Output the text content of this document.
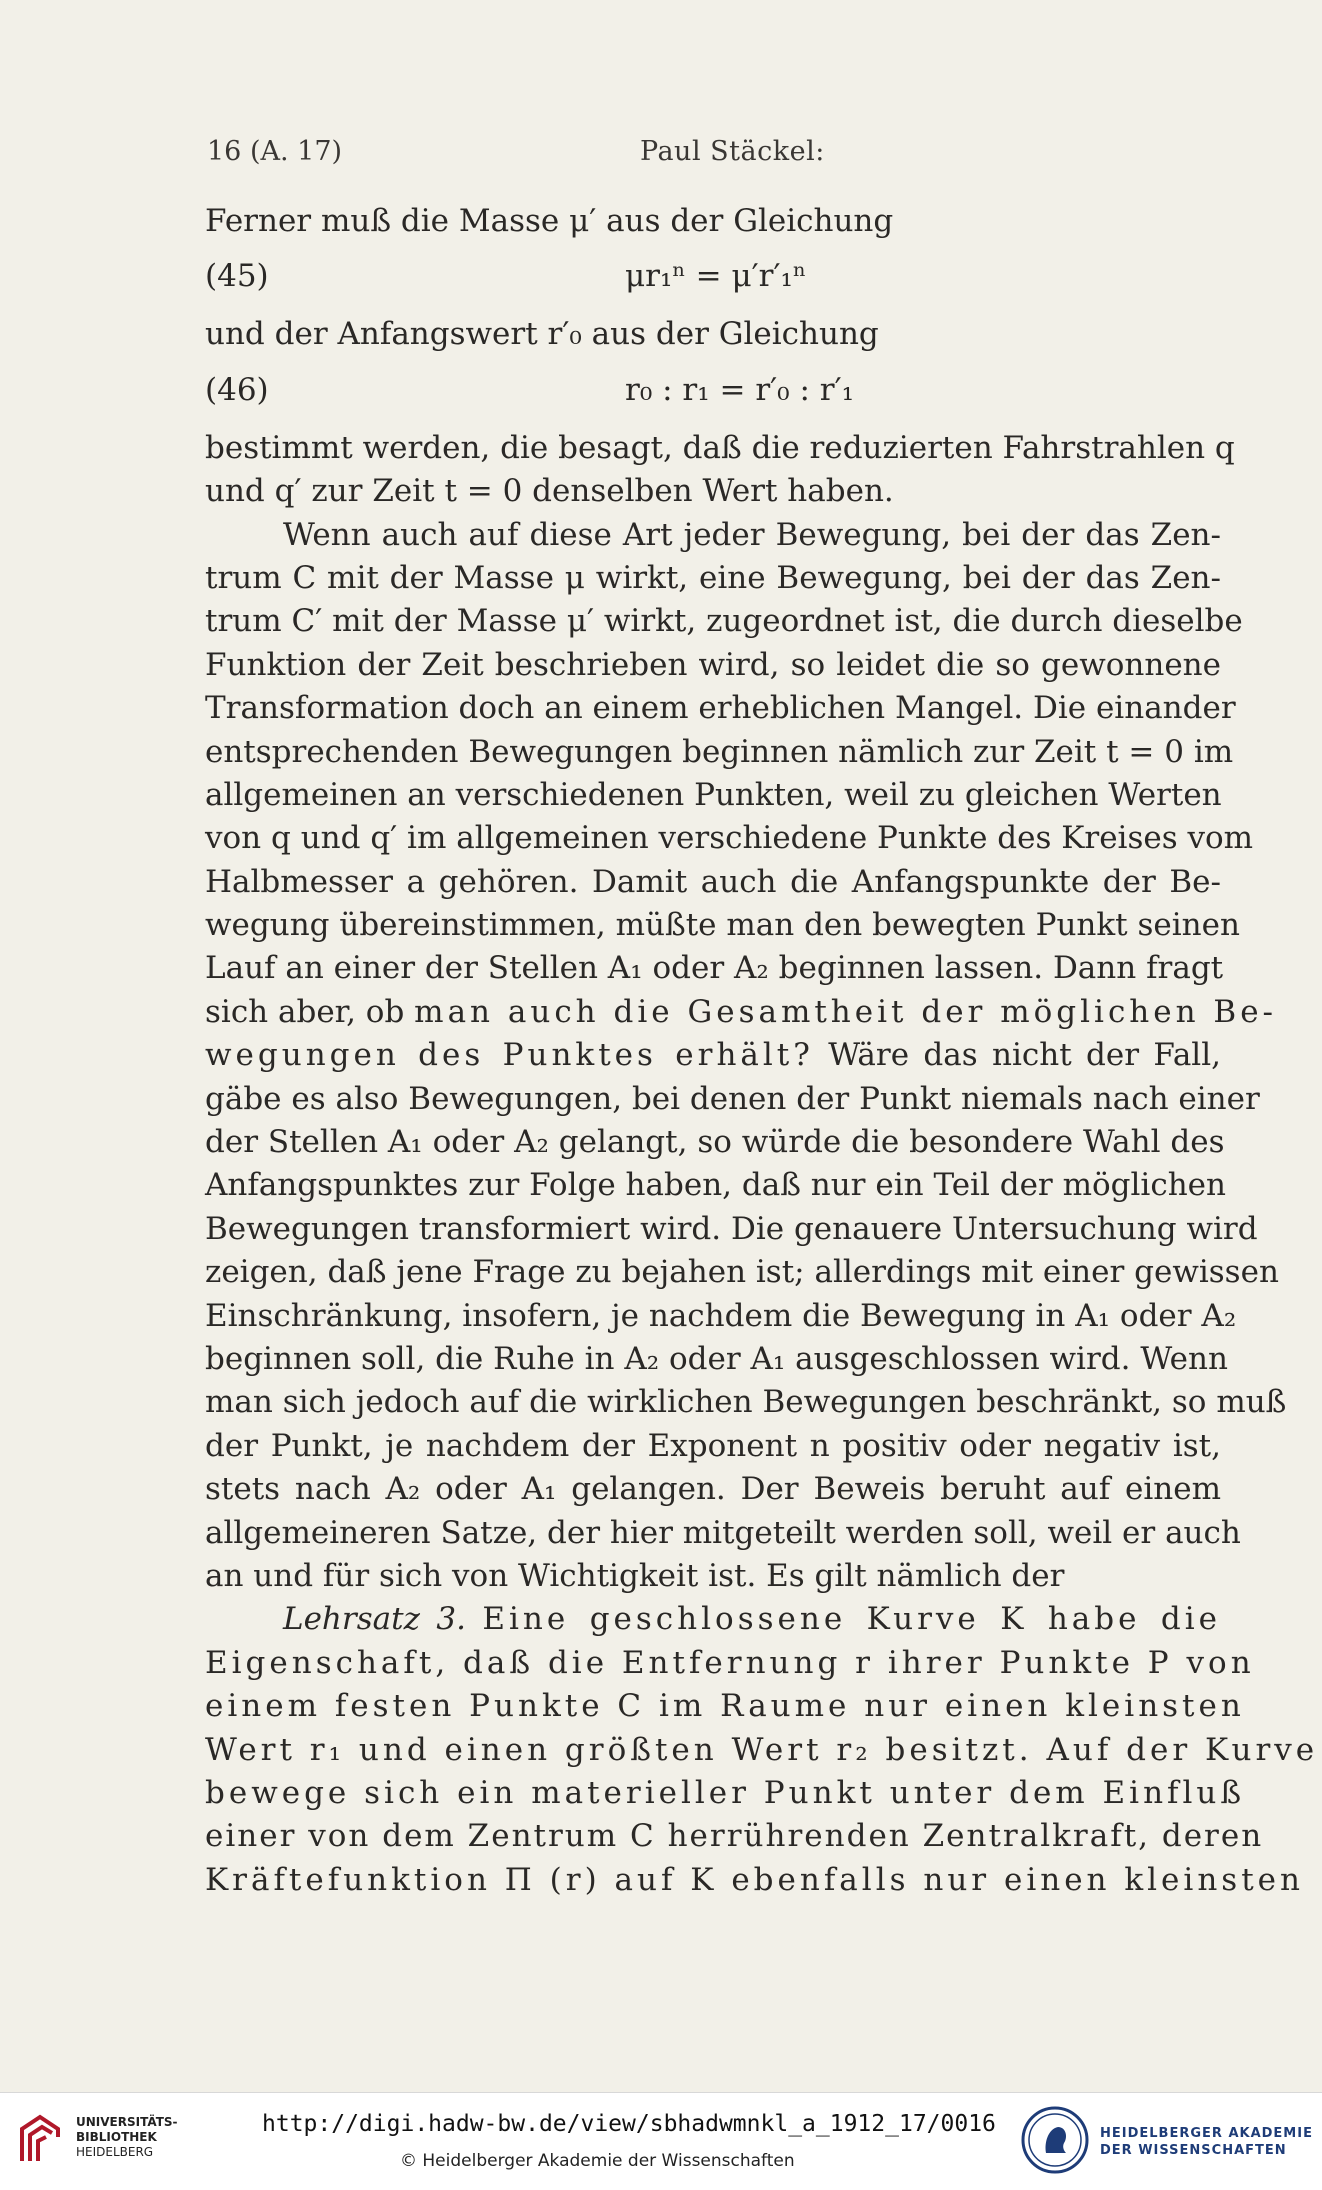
16 (A. 17)	Paul Stäckel:
Ferner muß die Masse μ′ aus der Gleichung
(45)	μr₁ⁿ = μ′r′₁ⁿ
und der Anfangswert r′₀ aus der Gleichung
(46)	r₀ : r₁ = r′₀ : r′₁
bestimmt werden, die besagt, daß die reduzierten Fahrstrahlen q
und q′ zur Zeit t = 0 denselben Wert haben.
Wenn auch auf diese Art jeder Bewegung, bei der das Zen-
trum C mit der Masse μ wirkt, eine Bewegung, bei der das Zen-
trum C′ mit der Masse μ′ wirkt, zugeordnet ist, die durch dieselbe
Funktion der Zeit beschrieben wird, so leidet die so gewonnene
Transformation doch an einem erheblichen Mangel. Die einander
entsprechenden Bewegungen beginnen nämlich zur Zeit t = 0 im
allgemeinen an verschiedenen Punkten, weil zu gleichen Werten
von q und q′ im allgemeinen verschiedene Punkte des Kreises vom
Halbmesser a gehören. Damit auch die Anfangspunkte der Be-
wegung übereinstimmen, müßte man den bewegten Punkt seinen
Lauf an einer der Stellen A₁ oder A₂ beginnen lassen. Dann fragt
sich aber, ob man auch die Gesamtheit der möglichen Be-
wegungen des Punktes erhält? Wäre das nicht der Fall,
gäbe es also Bewegungen, bei denen der Punkt niemals nach einer
der Stellen A₁ oder A₂ gelangt, so würde die besondere Wahl des
Anfangspunktes zur Folge haben, daß nur ein Teil der möglichen
Bewegungen transformiert wird. Die genauere Untersuchung wird
zeigen, daß jene Frage zu bejahen ist; allerdings mit einer gewissen
Einschränkung, insofern, je nachdem die Bewegung in A₁ oder A₂
beginnen soll, die Ruhe in A₂ oder A₁ ausgeschlossen wird. Wenn
man sich jedoch auf die wirklichen Bewegungen beschränkt, so muß
der Punkt, je nachdem der Exponent n positiv oder negativ ist,
stets nach A₂ oder A₁ gelangen. Der Beweis beruht auf einem
allgemeineren Satze, der hier mitgeteilt werden soll, weil er auch
an und für sich von Wichtigkeit ist. Es gilt nämlich der
Lehrsatz 3. Eine geschlossene Kurve K habe die
Eigenschaft, daß die Entfernung r ihrer Punkte P von
einem festen Punkte C im Raume nur einen kleinsten
Wert r₁ und einen größten Wert r₂ besitzt. Auf der Kurve
bewege sich ein materieller Punkt unter dem Einfluß
einer von dem Zentrum C herrührenden Zentralkraft, deren
Kräftefunktion Π (r) auf K ebenfalls nur einen kleinsten
UNIVERSITÄTS-
BIBLIOTHEK
HEIDELBERG
http://digi.hadw-bw.de/view/sbhadwmnkl_a_1912_17/0016
© Heidelberger Akademie der Wissenschaften
HEIDELBERGER AKADEMIE
DER WISSENSCHAFTEN
